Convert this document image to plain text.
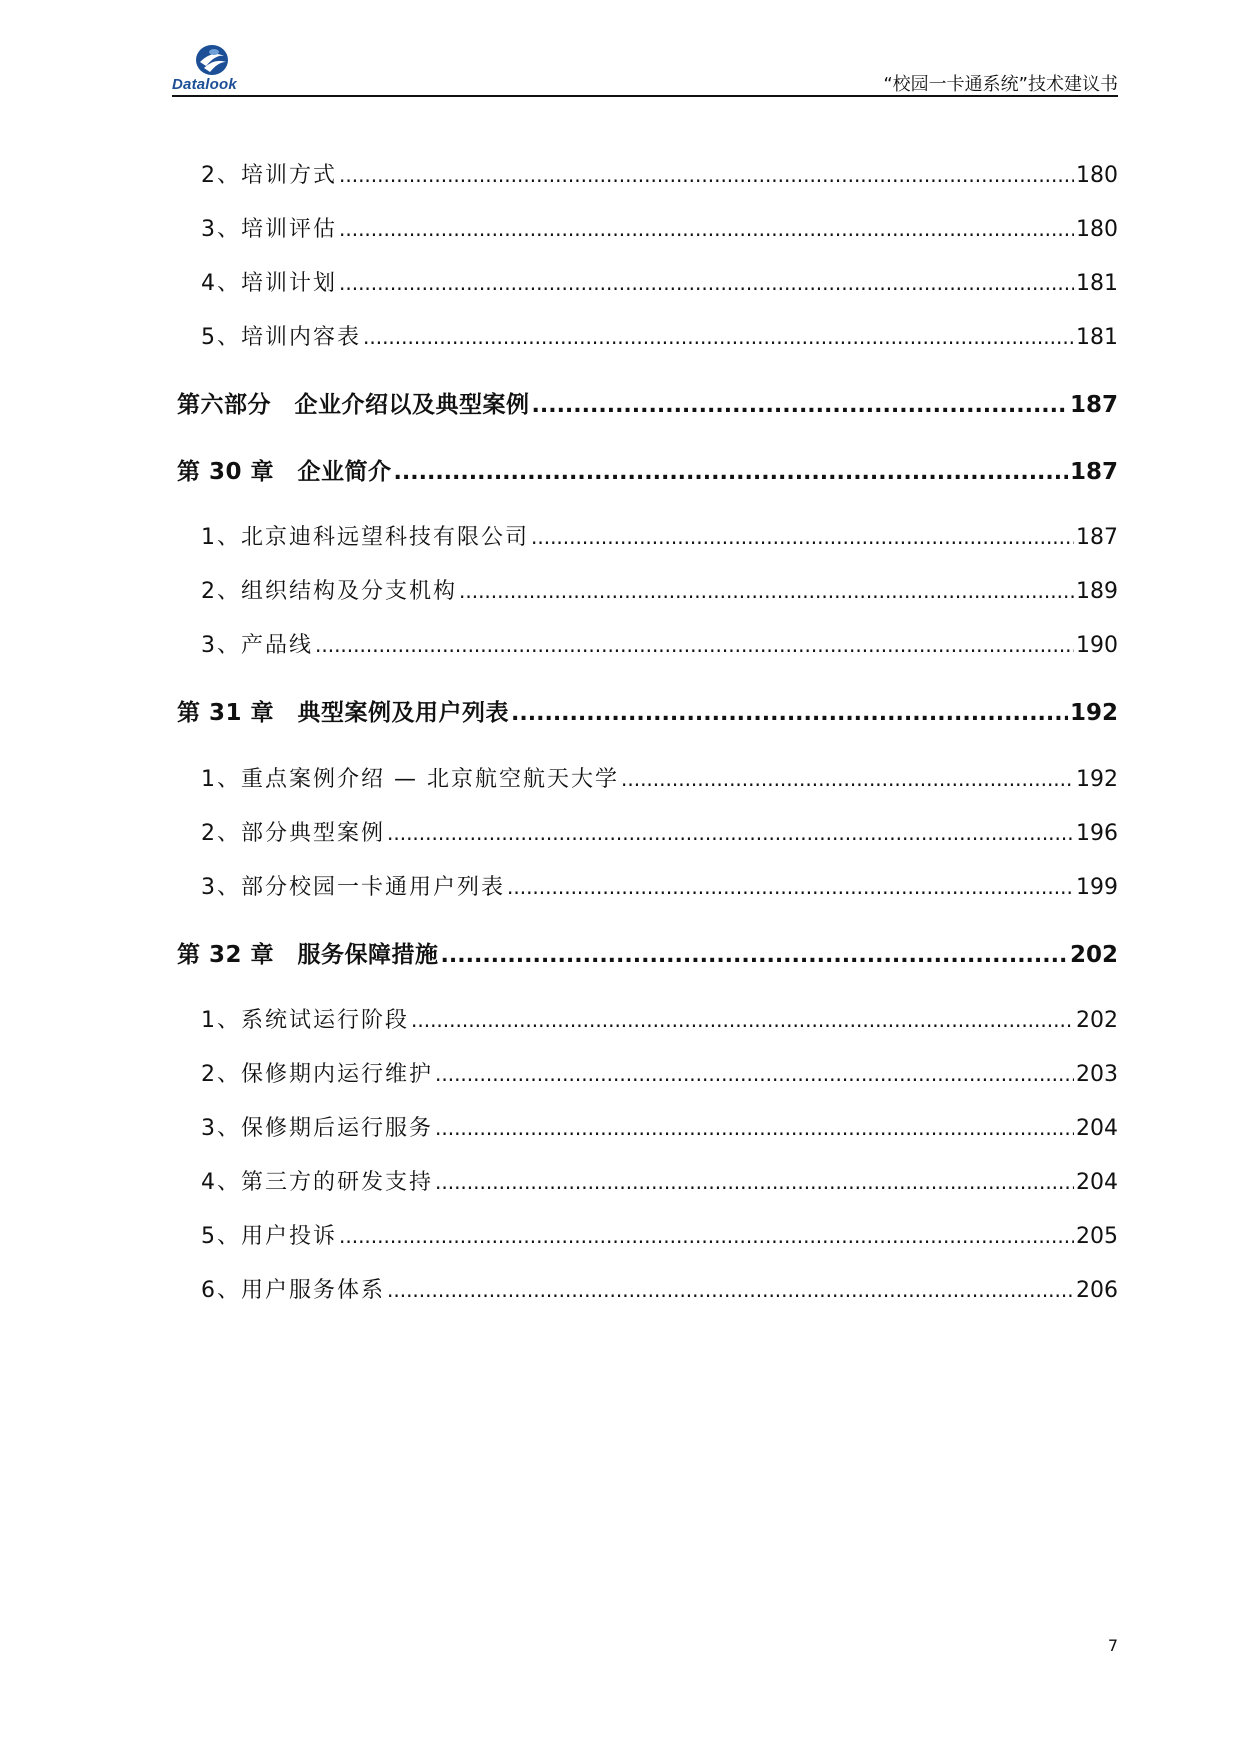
Datalook	“校园一卡通系统”技术建议书
2、培训方式 .....	180
3、培训评估 .....	180
4、培训计划 .....	181
5、培训内容表 .....	181
第六部分　企业介绍以及典型案例 .....	187
第 30 章　企业简介 .....	187
1、北京迪科远望科技有限公司 .....	187
2、组织结构及分支机构 .....	189
3、产品线 .....	190
第 31 章　典型案例及用户列表 .....	192
1、重点案例介绍 — 北京航空航天大学 .....	192
2、部分典型案例 .....	196
3、部分校园一卡通用户列表 .....	199
第 32 章　服务保障措施 .....	202
1、系统试运行阶段 .....	202
2、保修期内运行维护 .....	203
3、保修期后运行服务 .....	204
4、第三方的研发支持 .....	204
5、用户投诉 .....	205
6、用户服务体系 .....	206
7
